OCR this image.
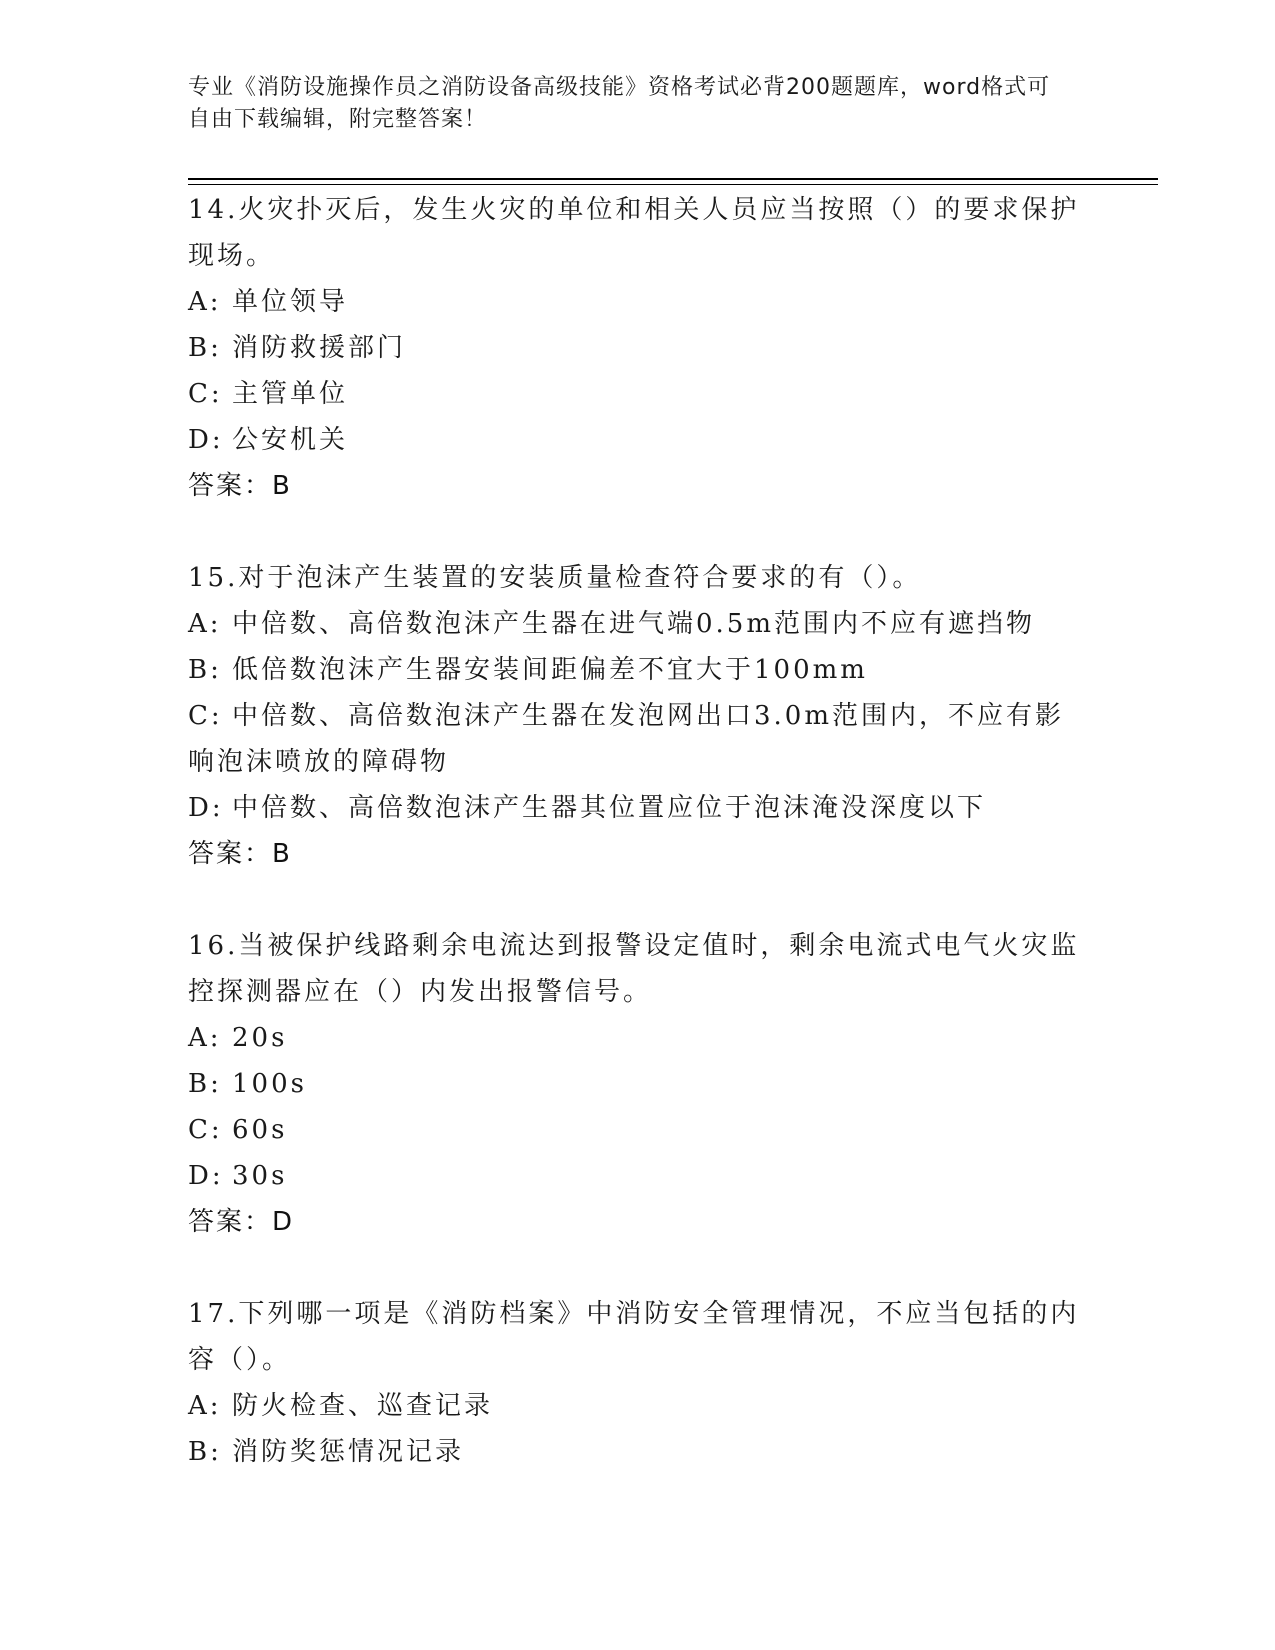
专业《消防设施操作员之消防设备高级技能》资格考试必背200题题库，word格式可自由下载编辑，附完整答案！
14.火灾扑灭后，发生火灾的单位和相关人员应当按照（）的要求保护现场。
A: 单位领导
B: 消防救援部门
C: 主管单位
D: 公安机关
答案：B
15.对于泡沫产生装置的安装质量检查符合要求的有（）。
A: 中倍数、高倍数泡沫产生器在进气端0.5m范围内不应有遮挡物
B: 低倍数泡沫产生器安装间距偏差不宜大于100mm
C: 中倍数、高倍数泡沫产生器在发泡网出口3.0m范围内，不应有影响泡沫喷放的障碍物
D: 中倍数、高倍数泡沫产生器其位置应位于泡沫淹没深度以下
答案：B
16.当被保护线路剩余电流达到报警设定值时，剩余电流式电气火灾监控探测器应在（）内发出报警信号。
A: 20s
B: 100s
C: 60s
D: 30s
答案：D
17.下列哪一项是《消防档案》中消防安全管理情况，不应当包括的内容（）。
A: 防火检查、巡查记录
B: 消防奖惩情况记录
